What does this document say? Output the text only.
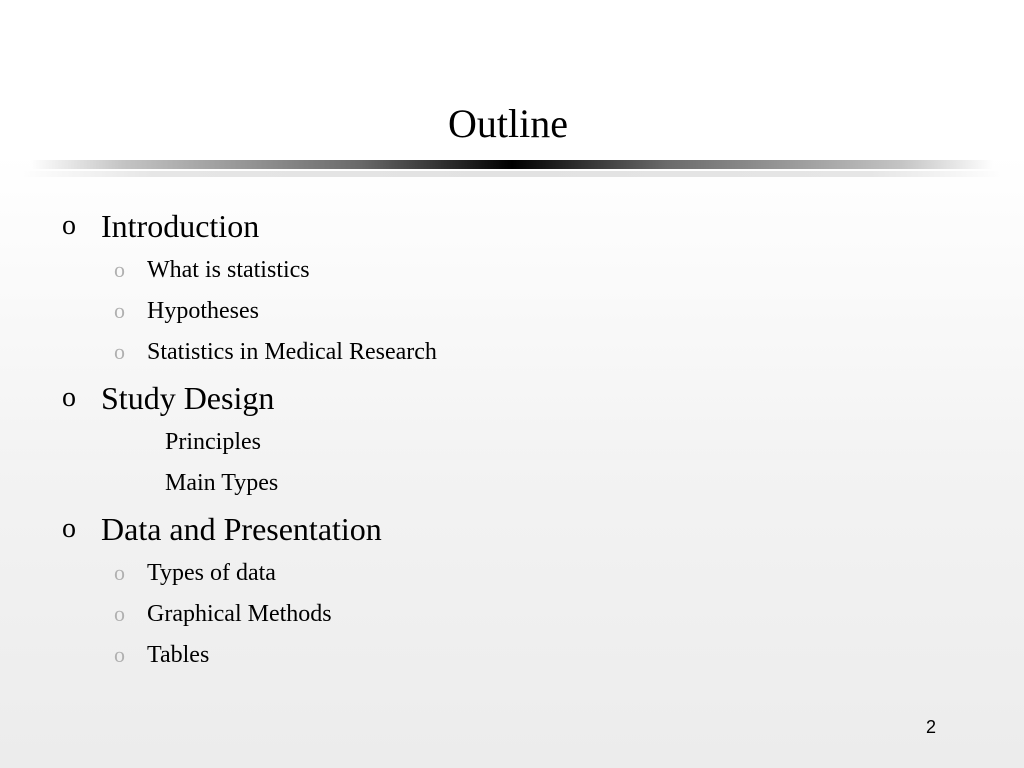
Outline
o Introduction
o What is statistics
o Hypotheses
o Statistics in Medical Research
o Study Design
Principles
Main Types
o Data and Presentation
o Types of data
o Graphical Methods
o Tables
2
